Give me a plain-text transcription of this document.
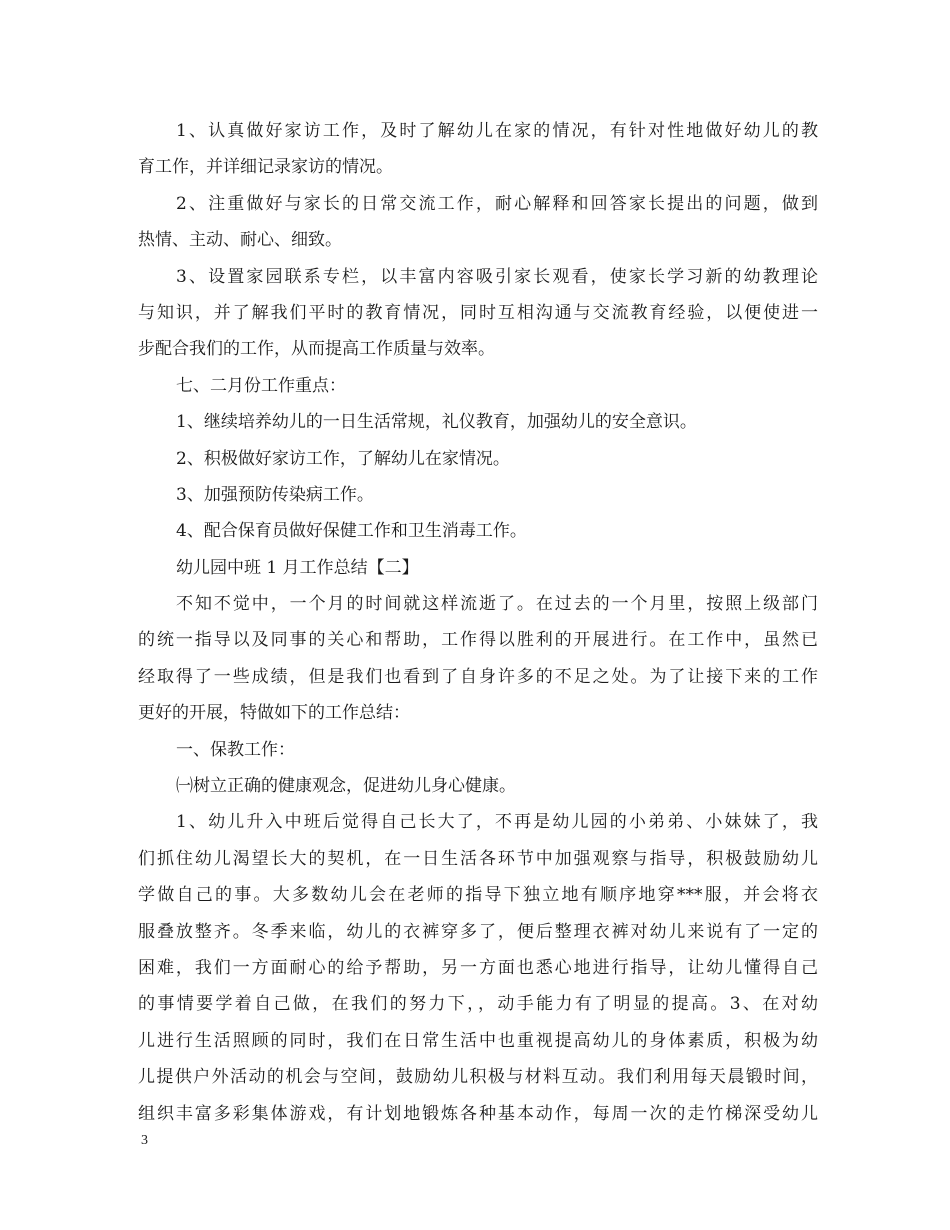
1、认真做好家访工作，及时了解幼儿在家的情况，有针对性地做好幼儿的教
育工作，并详细记录家访的情况。
2、注重做好与家长的日常交流工作，耐心解释和回答家长提出的问题，做到
热情、主动、耐心、细致。
3、设置家园联系专栏，以丰富内容吸引家长观看，使家长学习新的幼教理论
与知识，并了解我们平时的教育情况，同时互相沟通与交流教育经验，以便使进一
步配合我们的工作，从而提高工作质量与效率。
七、二月份工作重点：
1、继续培养幼儿的一日生活常规，礼仪教育，加强幼儿的安全意识。
2、积极做好家访工作，了解幼儿在家情况。
3、加强预防传染病工作。
4、配合保育员做好保健工作和卫生消毒工作。
幼儿园中班 1 月工作总结【二】
不知不觉中，一个月的时间就这样流逝了。在过去的一个月里，按照上级部门
的统一指导以及同事的关心和帮助，工作得以胜利的开展进行。在工作中，虽然已
经取得了一些成绩，但是我们也看到了自身许多的不足之处。为了让接下来的工作
更好的开展，特做如下的工作总结：
一、保教工作：
㈠树立正确的健康观念，促进幼儿身心健康。
1、幼儿升入中班后觉得自己长大了，不再是幼儿园的小弟弟、小妹妹了，我
们抓住幼儿渴望长大的契机，在一日生活各环节中加强观察与指导，积极鼓励幼儿
学做自己的事。大多数幼儿会在老师的指导下独立地有顺序地穿***服，并会将衣
服叠放整齐。冬季来临，幼儿的衣裤穿多了，便后整理衣裤对幼儿来说有了一定的
困难，我们一方面耐心的给予帮助，另一方面也悉心地进行指导，让幼儿懂得自己
的事情要学着自己做，在我们的努力下，，动手能力有了明显的提高。3、在对幼
儿进行生活照顾的同时，我们在日常生活中也重视提高幼儿的身体素质，积极为幼
儿提供户外活动的机会与空间，鼓励幼儿积极与材料互动。我们利用每天晨锻时间，
组织丰富多彩集体游戏，有计划地锻炼各种基本动作，每周一次的走竹梯深受幼儿
3
